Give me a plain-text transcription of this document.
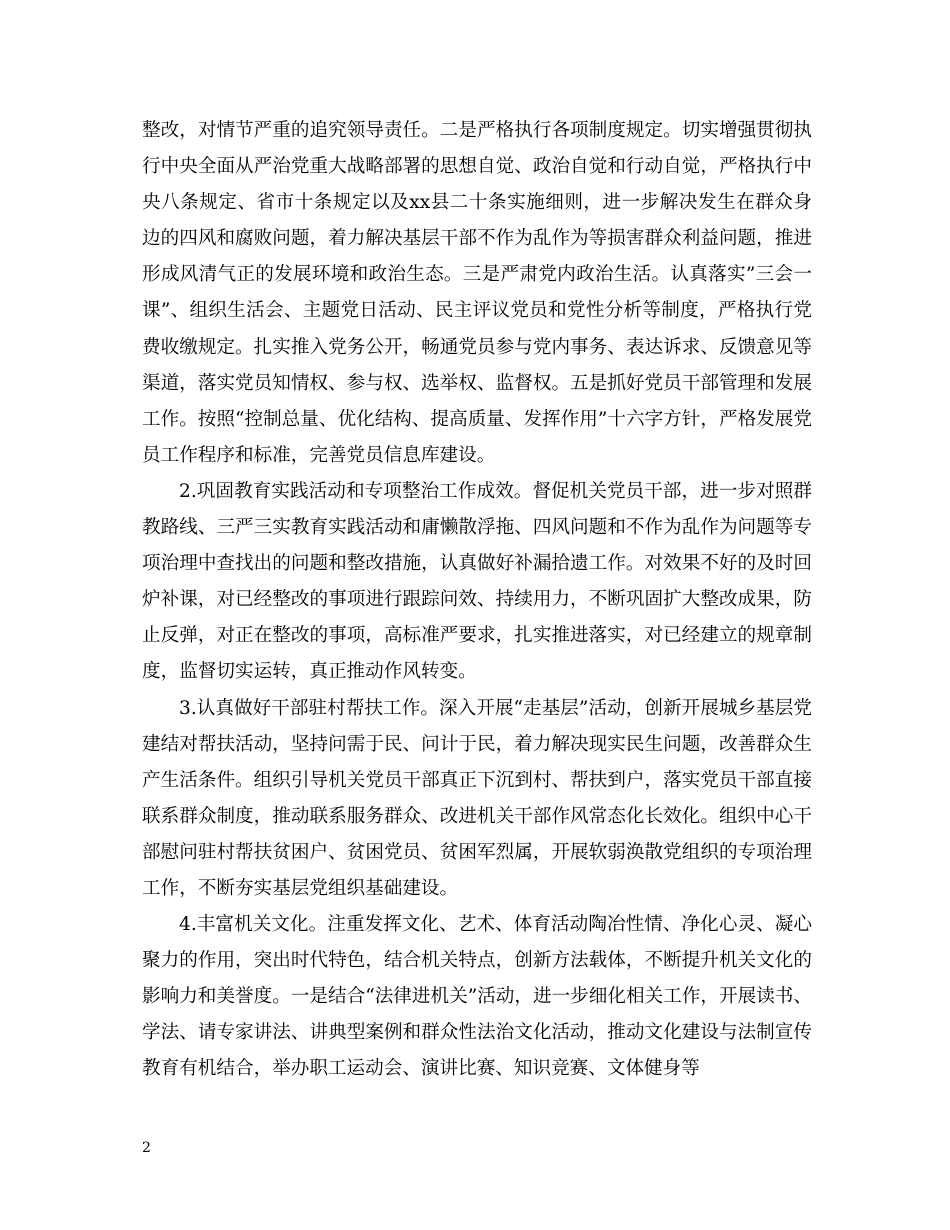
整改，对情节严重的追究领导责任。二是严格执行各项制度规定。切实增强贯彻执行中央全面从严治党重大战略部署的思想自觉、政治自觉和行动自觉，严格执行中央八条规定、省市十条规定以及xx县二十条实施细则，进一步解决发生在群众身边的四风和腐败问题，着力解决基层干部不作为乱作为等损害群众利益问题，推进形成风清气正的发展环境和政治生态。三是严肃党内政治生活。认真落实”三会一课”、组织生活会、主题党日活动、民主评议党员和党性分析等制度，严格执行党费收缴规定。扎实推入党务公开，畅通党员参与党内事务、表达诉求、反馈意见等渠道，落实党员知情权、参与权、选举权、监督权。五是抓好党员干部管理和发展工作。按照“控制总量、优化结构、提高质量、发挥作用”十六字方针，严格发展党员工作程序和标准，完善党员信息库建设。

2.巩固教育实践活动和专项整治工作成效。督促机关党员干部，进一步对照群教路线、三严三实教育实践活动和庸懒散浮拖、四风问题和不作为乱作为问题等专项治理中查找出的问题和整改措施，认真做好补漏拾遗工作。对效果不好的及时回炉补课，对已经整改的事项进行跟踪问效、持续用力，不断巩固扩大整改成果，防止反弹，对正在整改的事项，高标准严要求，扎实推进落实，对已经建立的规章制度，监督切实运转，真正推动作风转变。

3.认真做好干部驻村帮扶工作。深入开展“走基层”活动，创新开展城乡基层党建结对帮扶活动，坚持问需于民、问计于民，着力解决现实民生问题，改善群众生产生活条件。组织引导机关党员干部真正下沉到村、帮扶到户，落实党员干部直接联系群众制度，推动联系服务群众、改进机关干部作风常态化长效化。组织中心干部慰问驻村帮扶贫困户、贫困党员、贫困军烈属，开展软弱涣散党组织的专项治理工作，不断夯实基层党组织基础建设。

4.丰富机关文化。注重发挥文化、艺术、体育活动陶冶性情、净化心灵、凝心聚力的作用，突出时代特色，结合机关特点，创新方法载体，不断提升机关文化的影响力和美誉度。一是结合“法律进机关”活动，进一步细化相关工作，开展读书、学法、请专家讲法、讲典型案例和群众性法治文化活动，推动文化建设与法制宣传教育有机结合，举办职工运动会、演讲比赛、知识竞赛、文体健身等

2
